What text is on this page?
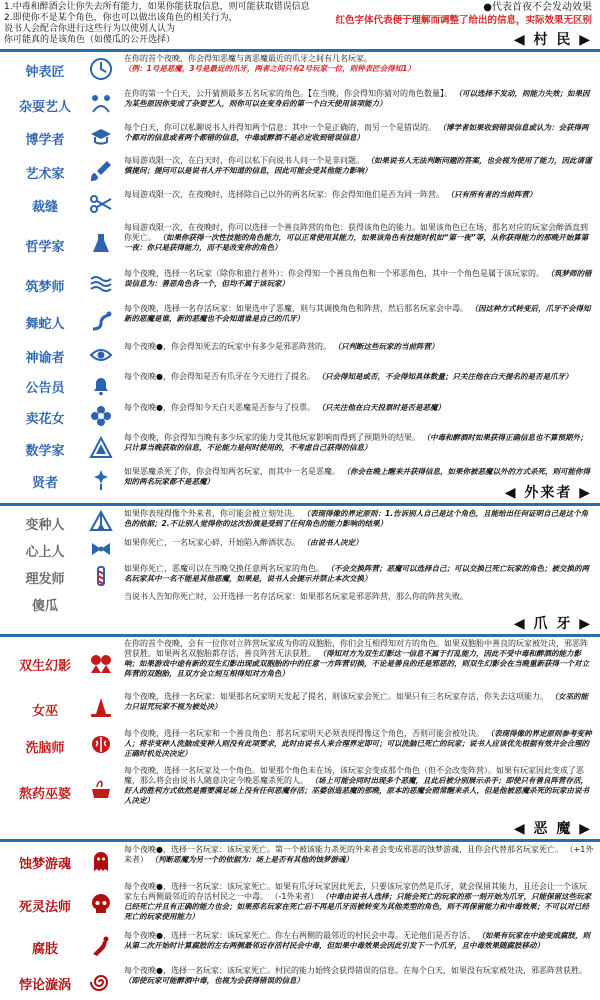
1.中毒和醉酒会让你失去所有能力，如果你能获取信息，则可能获取错误信息
2.即使你不是某个角色，你也可以做出该角色的相关行为，
说书人会配合你进行这些行为以使别人认为
你可能真的是该角色（如傻瓜的公开选择）
●代表首夜不会发动效果
红色字体代表便于理解而调整了给出的信息，实际效果无区别
◀ 村 民 ▶
钟表匠
在你的首个夜晚，你会得知恶魔与离恶魔最近的爪牙之间有几名玩家。
（例：1号是恶魔，3号是最近的爪牙，两者之间只有2号玩家一位，则钟表匠会得知1）
杂耍艺人
在你的第一个白天，公开猜测最多五名玩家的角色。【在当晚，你会得知你猜对的角色数量】。 （可以选择不发动，则能力失效；如果因为某些原因你变成了杂耍艺人，则你可以在变身后的第一个白天使用该项能力）
博学者
每个白天，你可以私聊说书人并得知两个信息：其中一个是正确的，而另一个是错误的。 （博学者如果收到错误信息或认为：会获得两个都对的信息或者两个都错的信息，中毒或醉酒不是必定收到错误信息）
艺术家
每局游戏限一次，在白天时，你可以私下向说书人问一个是非问题。 （如果说书人无法判断问题的答案，也会视为使用了能力，因此请谨慎提问；提问可以是说书人并不知道的信息，因此可能会受其他能力影响）
裁缝
每局游戏限一次，在夜晚时，选择除自己以外的两名玩家：你会得知他们是否为同一阵营。 （只有所有者的当前阵营）
哲学家
每局游戏限一次，在夜晚时，你可以选择一个善良阵营的角色：获得该角色的能力。如果该角色已在场，那名对应的玩家会醉酒直到你死亡。 （如果你获得一次性技能的角色能力，可以正常使用其能力，如果该角色有技能时机如“第一夜”等，从你获得能力的那晚开始算第一夜：你只是获得能力，而不是改变你的角色）
筑梦师
每个夜晚，选择一名玩家（除你和旅行者外）：你会得知一个善良角色和一个邪恶角色，其中一个角色是属于该玩家的。 （筑梦师的错误信息为：善恶角色各一个，但均不属于该玩家）
舞蛇人
每个夜晚，选择一名存活玩家：如果选中了恶魔，则与其调换角色和阵营，然后那名玩家会中毒。 （因这种方式转变后，爪牙不会得知新的恶魔是谁，新的恶魔也不会知道谁是自己的爪牙）
神谕者
每个夜晚●，你会得知死去的玩家中有多少是邪恶阵营的。 （只判断这些玩家的当前阵营）
公告员
每个夜晚●，你会得知是否有爪牙在今天进行了提名。 （只会得知是或否，不会得知具体数量；只关注他在白天提名的是否是爪牙）
卖花女
每个夜晚●，你会得知今天白天恶魔是否参与了投票。 （只关注他在白天投票时是否是恶魔）
数学家
每个夜晚，你会得知当晚有多少玩家的能力受其他玩家影响而得到了预期外的结果。 （中毒和醉酒时如果获得正确信息也不算预期外；只计算当晚获取的信息，不论能力是何时使用的，不考虑自己获得的信息）
贤者
如果恶魔杀死了你，你会得知两名玩家，而其中一名是恶魔。 （你会在晚上醒来并获得信息，如果你被恶魔以外的方式杀死，则可能你得知的两名玩家都不是恶魔）
◀ 外来者 ▶
变种人
如果你表现得像个外来者，你可能会被立刻处决。 （表现得像的界定原则：1.告诉别人自己是这个角色，且能给出任何证明自己是这个角色的依据；2.不让别人觉得你的这次扮演是受到了任何角色的能力影响的结果）
心上人
如果你死亡，一名玩家心碎，开始陷入醉酒状态。 （由说书人决定）
理发师
如果你死亡，恶魔可以在当晚交换任意两名玩家的角色。 （不会交换阵营；恶魔可以选择自己；可以交换已死亡玩家的角色；被交换的两名玩家其中一名不能是其他恶魔，如果是，说书人会提示并禁止本次交换）
傻瓜
当说书人告知你死亡时，公开选择一名存活玩家：如果那名玩家是邪恶阵营，那么你的阵营失败。
◀ 爪 牙 ▶
双生幻影
在你的首个夜晚，会有一位你对立阵营玩家成为你的双胞胎，你们会互相得知对方的角色。如果双胞胎中善良的玩家被处决，邪恶阵营获胜。如果两名双胞胎都存活，善良阵营无法获胜。 （得知对方为双生幻影这一信息不属于打乱能力，因此不受中毒和醉酒的能力影响；如果游戏中途有新的双生幻影出现或双胞胎的中的任意一方阵营切换，不论是善良的还是邪恶的，则双生幻影会在当晚重新获得一个对立阵营的双胞胎，且双方会立刻互相得知对方角色）
女巫
每个夜晚，选择一名玩家：如果那名玩家明天发起了提名，则该玩家会死亡。如果只有三名玩家存活，你失去这项能力。 （女巫的能力只诅咒玩家不视为被处决）
洗脑师
每个夜晚，选择一名玩家和一个善良角色：那名玩家明天必须表现得像这个角色，否则可能会被处决。 （表现得像的界定原则参考变种人；将非变种人洗脑成变种人则没有此项要求，此时由说书人来合理界定即可；可以洗脑已死亡的玩家；说书人应该优先根据有效并会合理的正确时机处决决定）
熬药巫婆
每个夜晚，选择一名玩家及一个角色。如果那个角色未在场，该玩家会变成那个角色（但不会改变阵营）。如果有玩家因此变成了恶魔，那么将会由说书人随意决定今晚恶魔杀死的人。 （场上可能会同时出现多个恶魔，且此后被分别展示杀手；即使只有善良阵营存活，好人的胜利方式依然是需要满足场上没有任何恶魔存活；巫婆创造恶魔的那晚，原本的恶魔会照常醒来杀人，但是他被恶魔杀死的玩家由说书人决定）
◀ 恶 魔 ▶
蚀梦游魂
每个夜晚●，选择一名玩家：该玩家死亡。第一个被该能力杀死的外来者会变成邪恶的蚀梦游魂，且你会代替那名玩家死亡。 （+1外来者） （判断恶魔为另一个的依据为：场上是否有其他的蚀梦游魂）
死灵法师
每个夜晚●，选择一名玩家：该玩家死亡。如果有爪牙玩家因此死去，只要该玩家仍然是爪牙，就会保留其能力，且还会让一个该玩家左右两侧最邻近的存活村民之一中毒。 （-1外来者） （中毒由说书人选择；只能会死亡的玩家的那一刻开始为爪牙，只能保留这些玩家已经死亡并且有正确的能力也会；如果那名玩家在死亡后不再是爪牙而被转变为其他类型的角色，则不再保留能力和中毒效果；不可以对已经死亡的玩家使用能力）
腐肢
每个夜晚●，选择一名玩家：该玩家死亡。你左右两侧的最邻近的村民会中毒。无论他们是否存活。 （如果有玩家在中途变成腐肢，则从第二次开始时计算腐肢的左右两侧最邻近存活村民会中毒，但如果中毒效果会因此引发下一个爪牙，且中毒效果随腐肢移动）
悖论漩涡
每个夜晚●，选择一名玩家：该玩家死亡。村民的能力始终会获得错误的信息。在每个白天，如果没有玩家被处决，邪恶阵营获胜。 （即使玩家可能醉酒中毒，也视为会获得错误的信息）
